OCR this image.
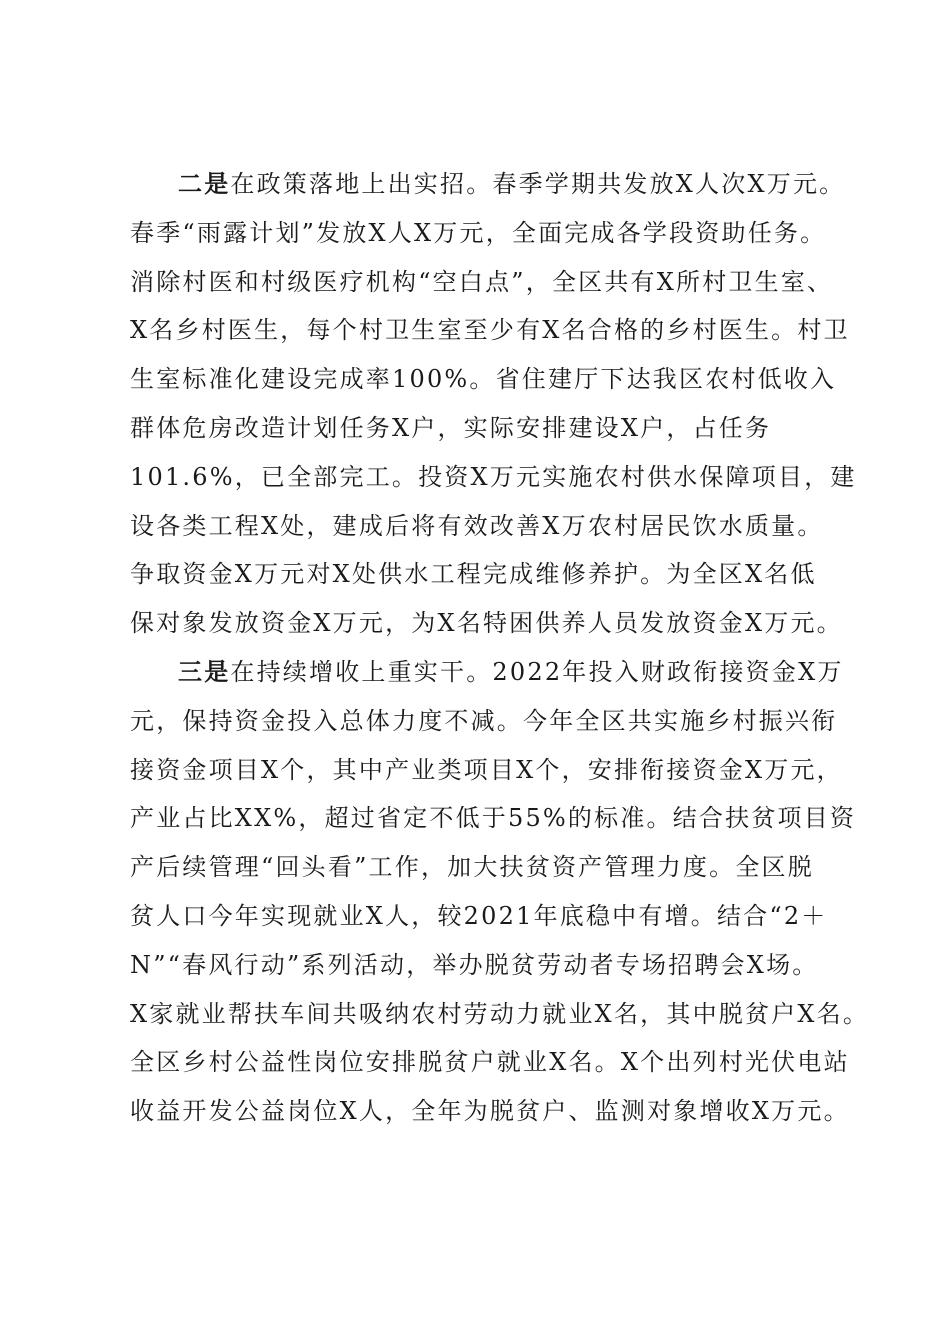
二是在政策落地上出实招。春季学期共发放X人次X万元。
春季“雨露计划”发放X人X万元，全面完成各学段资助任务。
消除村医和村级医疗机构“空白点”，全区共有X所村卫生室、
X名乡村医生，每个村卫生室至少有X名合格的乡村医生。村卫
生室标准化建设完成率100%。省住建厅下达我区农村低收入
群体危房改造计划任务X户，实际安排建设X户，占任务
101.6%，已全部完工。投资X万元实施农村供水保障项目，建
设各类工程X处，建成后将有效改善X万农村居民饮水质量。
争取资金X万元对X处供水工程完成维修养护。为全区X名低
保对象发放资金X万元，为X名特困供养人员发放资金X万元。
三是在持续增收上重实干。2022年投入财政衔接资金X万
元，保持资金投入总体力度不减。今年全区共实施乡村振兴衔
接资金项目X个，其中产业类项目X个，安排衔接资金X万元，
产业占比XX%，超过省定不低于55%的标准。结合扶贫项目资
产后续管理“回头看”工作，加大扶贫资产管理力度。全区脱
贫人口今年实现就业X人，较2021年底稳中有增。结合“2＋
N”“春风行动”系列活动，举办脱贫劳动者专场招聘会X场。
X家就业帮扶车间共吸纳农村劳动力就业X名，其中脱贫户X名。
全区乡村公益性岗位安排脱贫户就业X名。X个出列村光伏电站
收益开发公益岗位X人，全年为脱贫户、监测对象增收X万元。
